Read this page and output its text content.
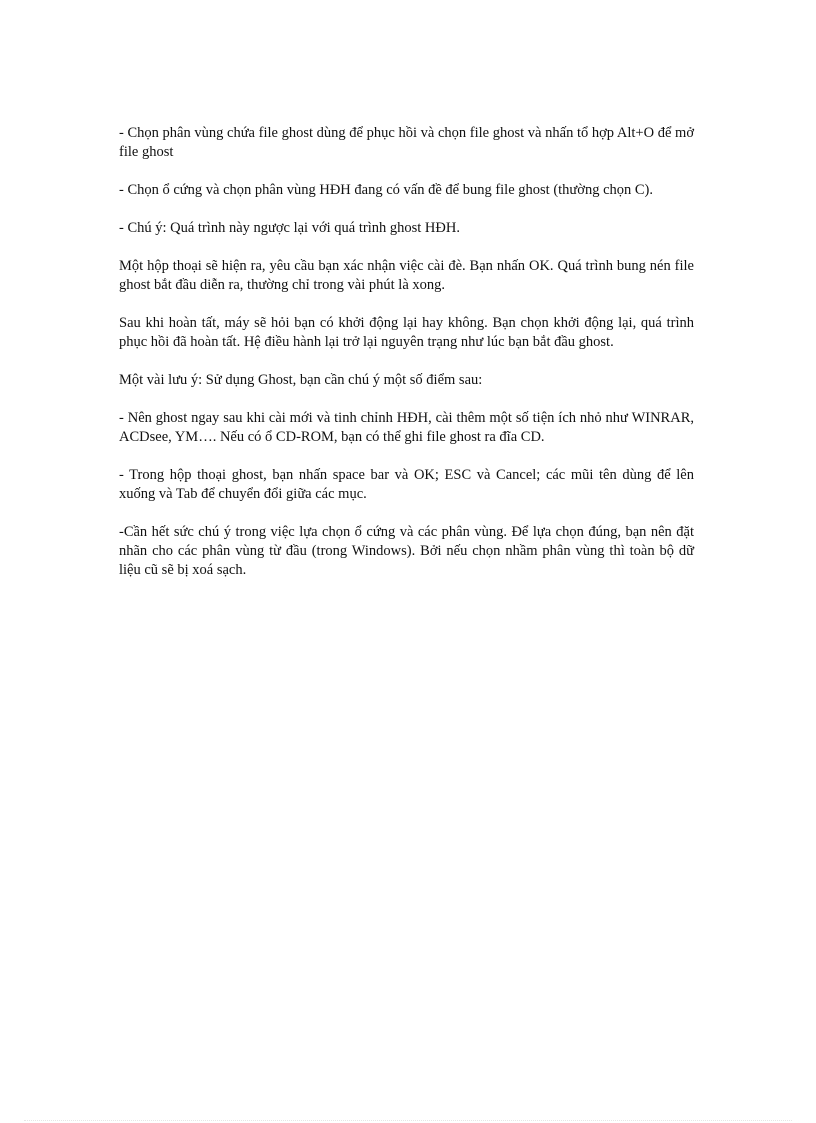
- Chọn phân vùng chứa file ghost dùng để phục hồi và chọn file ghost và nhấn tổ hợp Alt+O để mở file ghost

- Chọn ổ cứng và chọn phân vùng HĐH đang có vấn đề để bung file ghost (thường chọn C).

- Chú ý: Quá trình này ngược lại với quá trình ghost HĐH.

Một hộp thoại sẽ hiện ra, yêu cầu bạn xác nhận việc cài đè. Bạn nhấn OK. Quá trình bung nén file ghost bắt đầu diễn ra, thường chỉ trong vài phút là xong.

Sau khi hoàn tất, máy sẽ hỏi bạn có khởi động lại hay không. Bạn chọn khởi động lại, quá trình phục hồi đã hoàn tất. Hệ điều hành lại trở lại nguyên trạng như lúc bạn bắt đầu ghost.

Một vài lưu ý: Sử dụng Ghost, bạn cần chú ý một số điểm sau:

- Nên ghost ngay sau khi cài mới và tinh chỉnh HĐH, cài thêm một số tiện ích nhỏ như WINRAR, ACDsee, YM…. Nếu có ổ CD-ROM, bạn có thể ghi file ghost ra đĩa CD.

- Trong hộp thoại ghost, bạn nhấn space bar và OK; ESC và Cancel; các mũi tên dùng để lên xuống và Tab để chuyển đổi giữa các mục.

-Cần hết sức chú ý trong việc lựa chọn ổ cứng và các phân vùng. Để lựa chọn đúng, bạn nên đặt nhãn cho các phân vùng từ đầu (trong Windows). Bởi nếu chọn nhầm phân vùng thì toàn bộ dữ liệu cũ sẽ bị xoá sạch.
